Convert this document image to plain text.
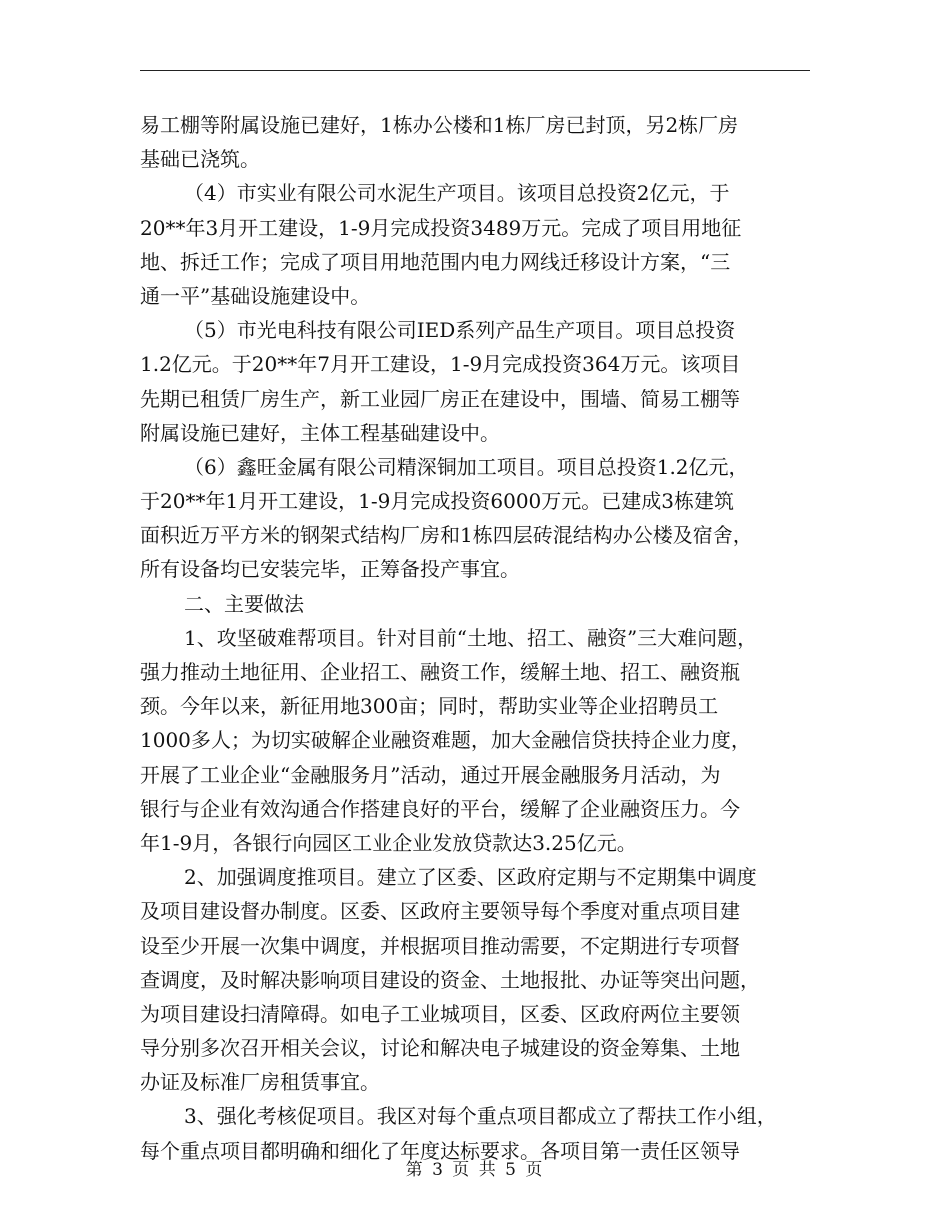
易工棚等附属设施已建好，1栋办公楼和1栋厂房已封顶，另2栋厂房
基础已浇筑。
（4）市实业有限公司水泥生产项目。该项目总投资2亿元，于
20**年3月开工建设，1-9月完成投资3489万元。完成了项目用地征
地、拆迁工作；完成了项目用地范围内电力网线迁移设计方案，“三
通一平”基础设施建设中。
（5）市光电科技有限公司IED系列产品生产项目。项目总投资
1.2亿元。于20**年7月开工建设，1-9月完成投资364万元。该项目
先期已租赁厂房生产，新工业园厂房正在建设中，围墙、简易工棚等
附属设施已建好，主体工程基础建设中。
（6）鑫旺金属有限公司精深铜加工项目。项目总投资1.2亿元，
于20**年1月开工建设，1-9月完成投资6000万元。已建成3栋建筑
面积近万平方米的钢架式结构厂房和1栋四层砖混结构办公楼及宿舍，
所有设备均已安装完毕，正筹备投产事宜。
二、主要做法
1、攻坚破难帮项目。针对目前“土地、招工、融资”三大难问题，
强力推动土地征用、企业招工、融资工作，缓解土地、招工、融资瓶
颈。今年以来，新征用地300亩；同时，帮助实业等企业招聘员工
1000多人；为切实破解企业融资难题，加大金融信贷扶持企业力度，
开展了工业企业“金融服务月”活动，通过开展金融服务月活动，为
银行与企业有效沟通合作搭建良好的平台，缓解了企业融资压力。今
年1-9月，各银行向园区工业企业发放贷款达3.25亿元。
2、加强调度推项目。建立了区委、区政府定期与不定期集中调度
及项目建设督办制度。区委、区政府主要领导每个季度对重点项目建
设至少开展一次集中调度，并根据项目推动需要，不定期进行专项督
查调度，及时解决影响项目建设的资金、土地报批、办证等突出问题，
为项目建设扫清障碍。如电子工业城项目，区委、区政府两位主要领
导分别多次召开相关会议，讨论和解决电子城建设的资金筹集、土地
办证及标准厂房租赁事宜。
3、强化考核促项目。我区对每个重点项目都成立了帮扶工作小组，
每个重点项目都明确和细化了年度达标要求。各项目第一责任区领导
第 3 页 共 5 页
